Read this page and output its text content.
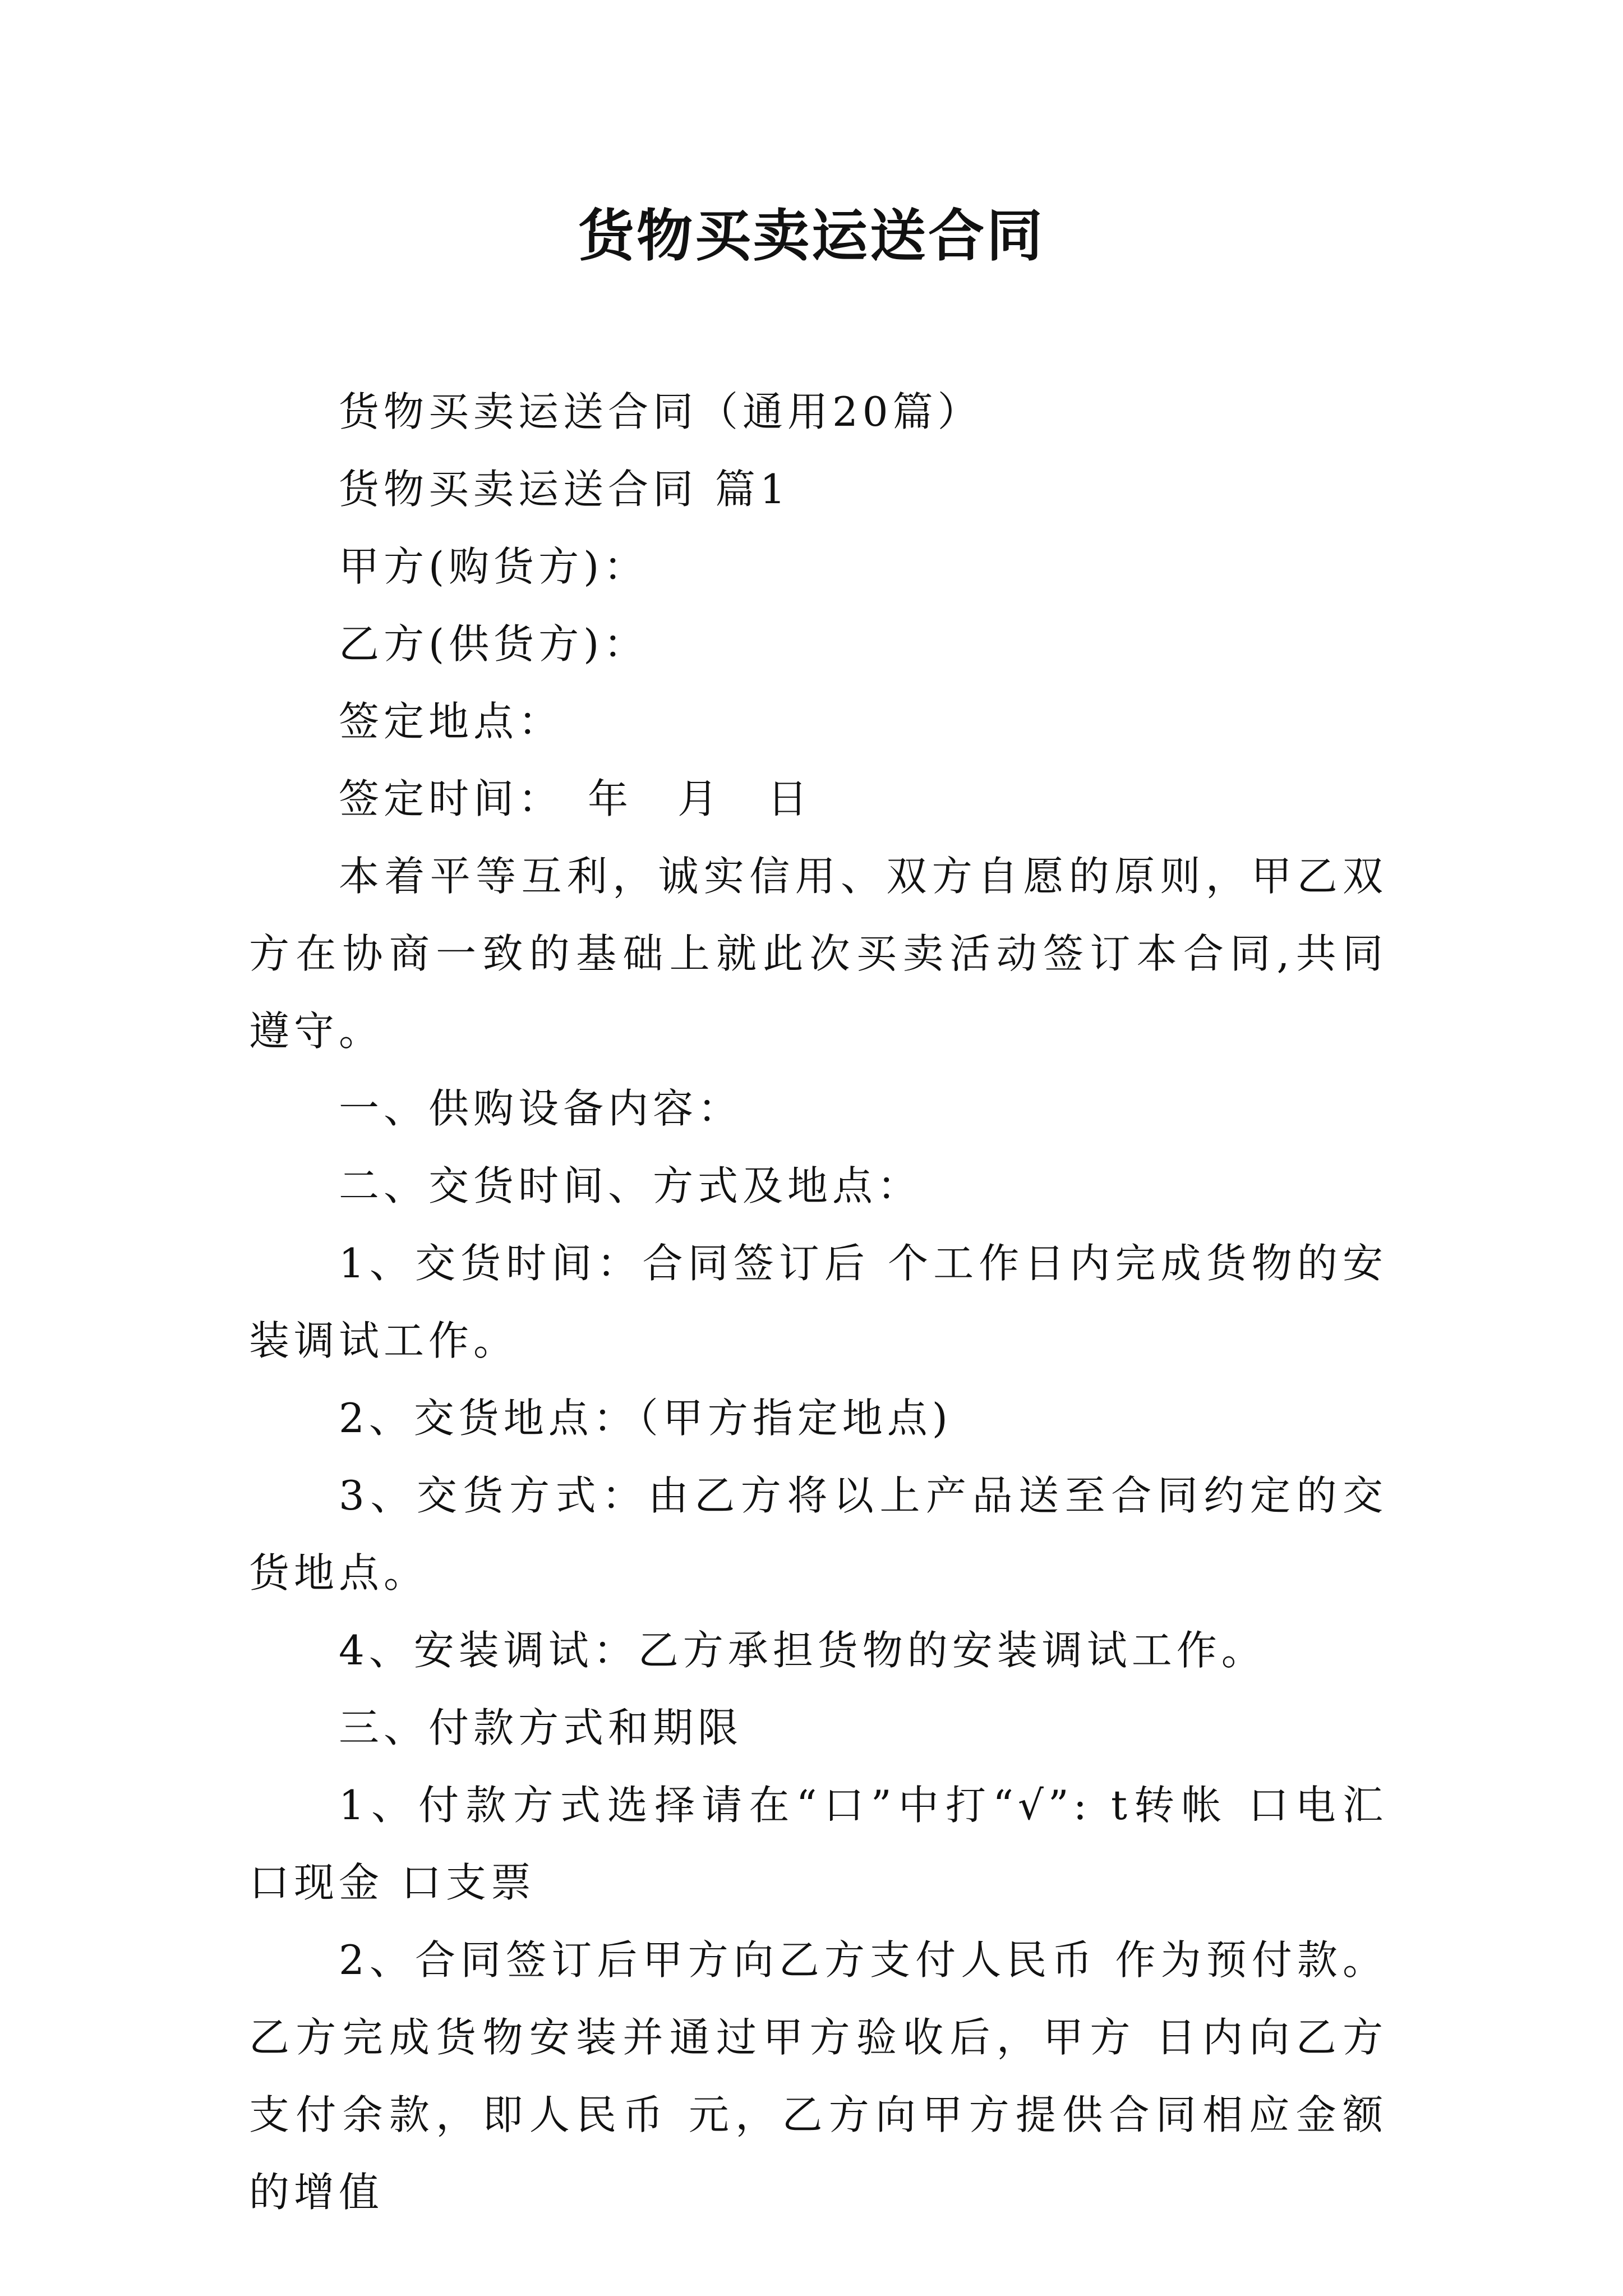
货物买卖运送合同

货物买卖运送合同（通用20篇）

货物买卖运送合同 篇1

甲方(购货方)：

乙方(供货方)：

签定地点：

签定时间：　年　月　日

本着平等互利，诚实信用、双方自愿的原则，甲乙双方在协商一致的基础上就此次买卖活动签订本合同,共同遵守。

一、供购设备内容：

二、交货时间、方式及地点：

1、交货时间：合同签订后 个工作日内完成货物的安装调试工作。

2、交货地点：（甲方指定地点)

3、交货方式：由乙方将以上产品送至合同约定的交货地点。

4、安装调试：乙方承担货物的安装调试工作。

三、付款方式和期限

1、付款方式选择请在“口”中打“√”: t转帐 口电汇 口现金 口支票

2、合同签订后甲方向乙方支付人民币 作为预付款。乙方完成货物安装并通过甲方验收后，甲方 日内向乙方支付余款，即人民币 元，乙方向甲方提供合同相应金额的增值
